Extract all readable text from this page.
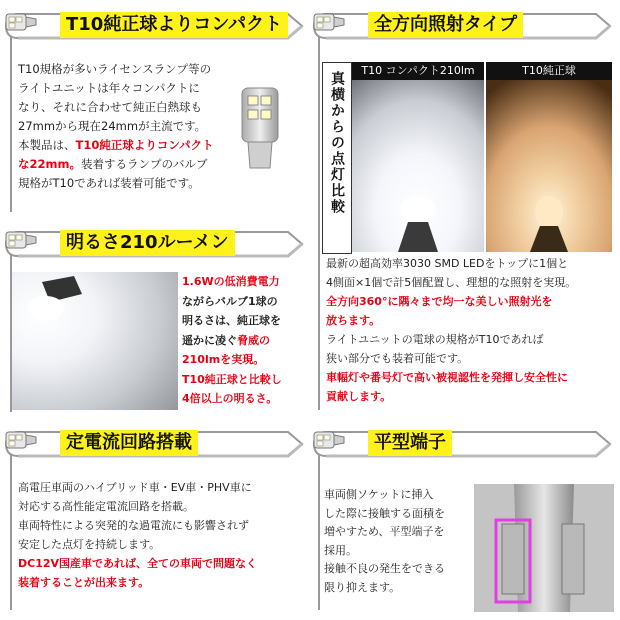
T10純正球よりコンパクト
T10規格が多いライセンスランプ等の
ライトユニットは年々コンパクトに
なり、それに合わせて純正白熱球も
27mmから現在24mmが主流です。
本製品は、T10純正球よりコンパクト
な22mm。装着するランプのバルブ
規格がT10であれば装着可能です。
全方向照射タイプ
真横からの点灯比較
T10 コンパクト210lm	T10純正球
最新の超高効率3030 SMD LEDをトップに1個と
4側面×1個で計5個配置し、理想的な照射を実現。
全方向360°に隅々まで均一な美しい照射光を
放ちます。
ライトユニットの電球の規格がT10であれば
狭い部分でも装着可能です。
車幅灯や番号灯で高い被視認性を発揮し安全性に
貢献します。
明るさ210ルーメン
1.6Wの低消費電力
ながらバルブ1球の
明るさは、純正球を
遥かに凌ぐ脅威の
210lmを実現。
T10純正球と比較し
4倍以上の明るさ。
定電流回路搭載
高電圧車両のハイブリッド車・EV車・PHV車に
対応する高性能定電流回路を搭載。
車両特性による突発的な過電流にも影響されず
安定した点灯を持続します。
DC12V国産車であれば、全ての車両で問題なく
装着することが出来ます。
平型端子
車両側ソケットに挿入
した際に接触する面積を
増やすため、平型端子を
採用。
接触不良の発生をできる
限り抑えます。
